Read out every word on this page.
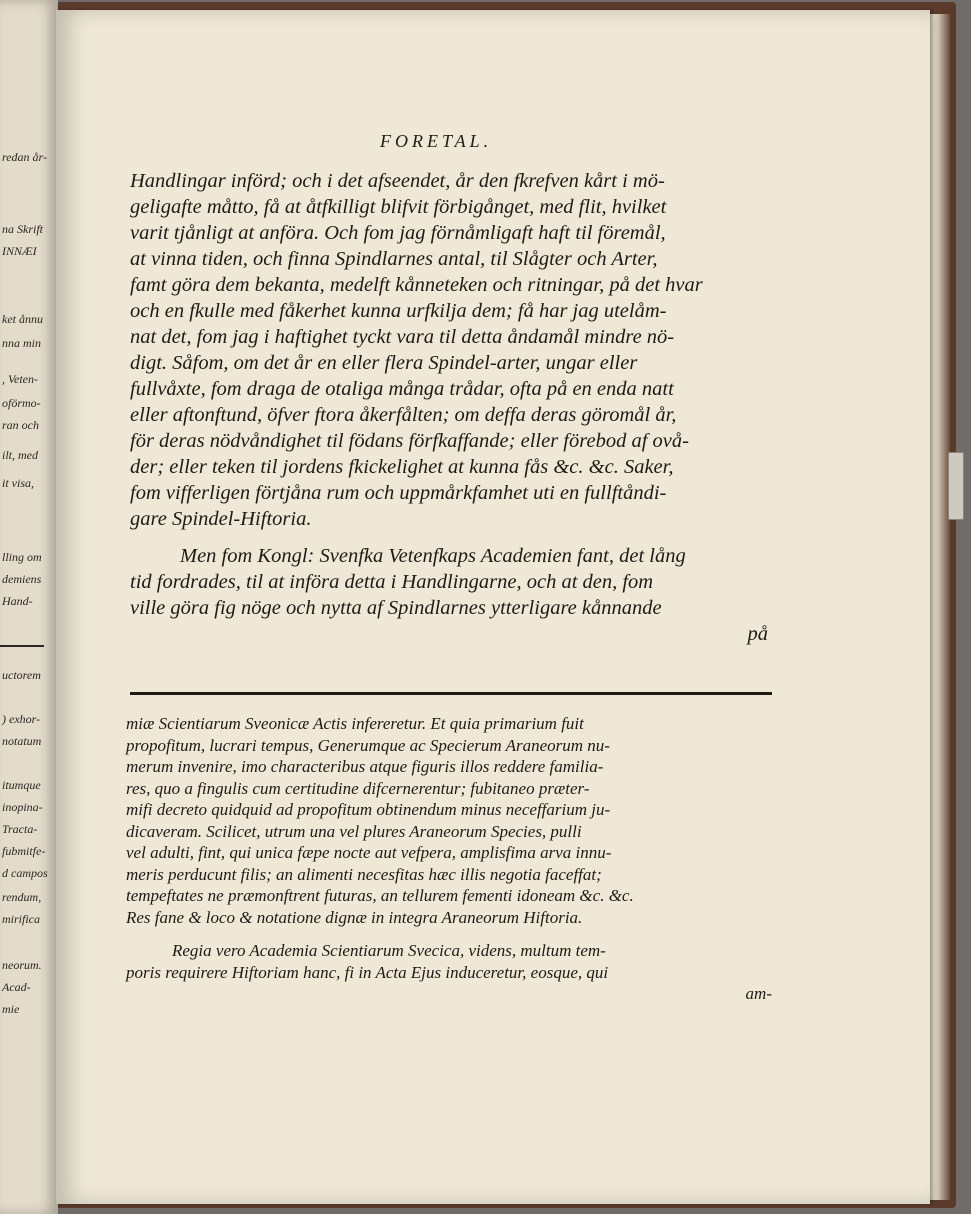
redan år-
na Skrift
INNÆI
ket ånnu
nna min
, Veten-
oförmo-
ran och
ilt, med
it visa,
lling om
demiens
Hand-
uctorem
) exhor-
notatum
itumque
inopina-
Tracta-
fubmitfe-
d campos
rendum,
mirifica
neorum.
Acad-
mie
FORETAL.
Handlingar införd; och i det afseendet, år den fkrefven kårt i mö-
geligafte måtto, få at åtfkilligt blifvit förbigånget, med flit, hvilket
varit tjånligt at anföra. Och fom jag förnåmligaft haft til föremål,
at vinna tiden, och finna Spindlarnes antal, til Slågter och Arter,
famt göra dem bekanta, medelft kånneteken och ritningar, på det hvar
och en fkulle med fåkerhet kunna urfkilja dem; få har jag utelåm-
nat det, fom jag i haftighet tyckt vara til detta åndamål mindre nö-
digt. Såfom, om det år en eller flera Spindel-arter, ungar eller
fullvåxte, fom draga de otaliga många trådar, ofta på en enda natt
eller aftonftund, öfver ftora åkerfålten; om deffa deras göromål år,
för deras nödvåndighet til födans förfkaffande; eller förebod af ovå-
der; eller teken til jordens fkickelighet at kunna fås &c. &c. Saker,
fom vifferligen förtjåna rum och uppmårkfamhet uti en fullftåndi-
gare Spindel-Hiftoria.
Men fom Kongl: Svenfka Vetenfkaps Academien fant, det lång
tid fordrades, til at införa detta i Handlingarne, och at den, fom
ville göra fig nöge och nytta af Spindlarnes ytterligare kånnande
på
miæ Scientiarum Sveonicæ Actis infereretur. Et quia primarium fuit
propofitum, lucrari tempus, Generumque ac Specierum Araneorum nu-
merum invenire, imo characteribus atque figuris illos reddere familia-
res, quo a fingulis cum certitudine difcernerentur; fubitaneo præter-
mifi decreto quidquid ad propofitum obtinendum minus neceffarium ju-
dicaveram. Scilicet, utrum una vel plures Araneorum Species, pulli
vel adulti, fint, qui unica fæpe nocte aut vefpera, amplisfima arva innu-
meris perducunt filis; an alimenti necesfitas hæc illis negotia faceffat;
tempeftates ne præmonftrent futuras, an tellurem fementi idoneam &c. &c.
Res fane & loco & notatione dignæ in integra Araneorum Hiftoria.
Regia vero Academia Scientiarum Svecica, videns, multum tem-
poris requirere Hiftoriam hanc, fi in Acta Ejus induceretur, eosque, qui
am-
